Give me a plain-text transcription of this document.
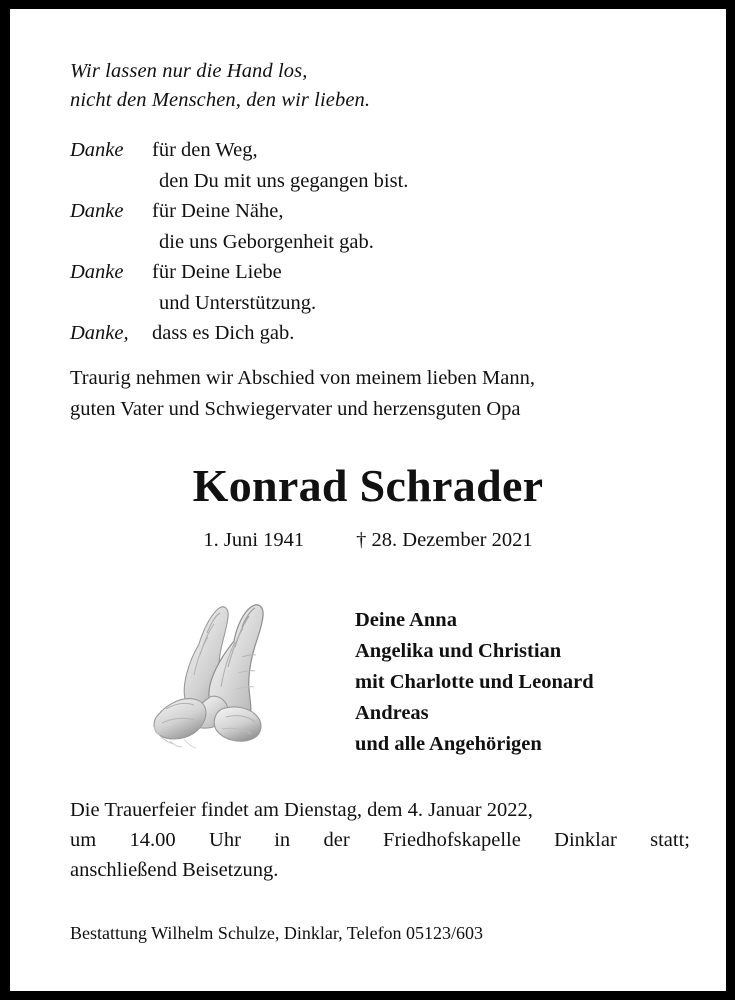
Wir lassen nur die Hand los,
nicht den Menschen, den wir lieben.
Danke	für den Weg,
den Du mit uns gegangen bist.
Danke	für Deine Nähe,
die uns Geborgenheit gab.
Danke	für Deine Liebe
und Unterstützung.
Danke,	dass es Dich gab.
Traurig nehmen wir Abschied von meinem lieben Mann,
guten Vater und Schwiegervater und herzensguten Opa
Konrad Schrader
1. Juni 1941	† 28. Dezember 2021
Deine Anna
Angelika und Christian
mit Charlotte und Leonard
Andreas
und alle Angehörigen
Die Trauerfeier findet am Dienstag, dem 4. Januar 2022,
um 14.00 Uhr in der Friedhofskapelle Dinklar statt;
anschließend Beisetzung.
Bestattung Wilhelm Schulze, Dinklar, Telefon 05123/603
